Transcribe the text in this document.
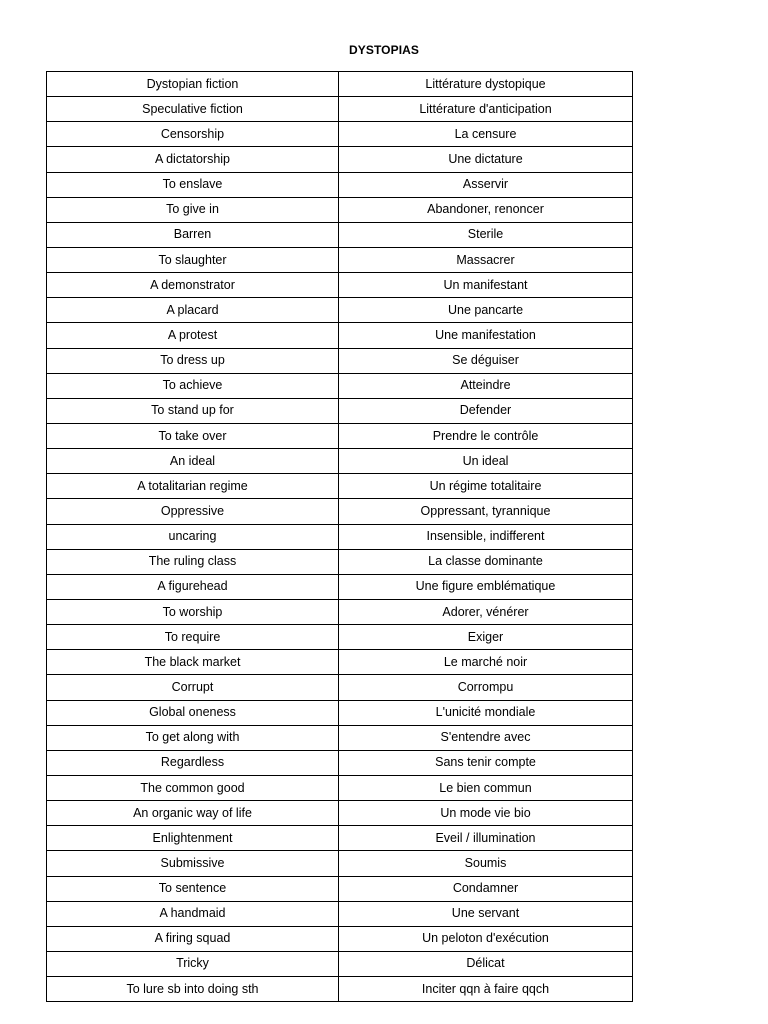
DYSTOPIAS
Dystopian fiction	Littérature dystopique
Speculative fiction	Littérature d'anticipation
Censorship	La censure
A dictatorship	Une dictature
To enslave	Asservir
To give in	Abandoner, renoncer
Barren	Sterile
To slaughter	Massacrer
A demonstrator	Un manifestant
A placard	Une pancarte
A protest	Une manifestation
To dress up	Se déguiser
To achieve	Atteindre
To stand up for	Defender
To take over	Prendre le contrôle
An ideal	Un ideal
A totalitarian regime	Un régime totalitaire
Oppressive	Oppressant, tyrannique
uncaring	Insensible, indifferent
The ruling class	La classe dominante
A figurehead	Une figure emblématique
To worship	Adorer, vénérer
To require	Exiger
The black market	Le marché noir
Corrupt	Corrompu
Global oneness	L'unicité mondiale
To get along with	S'entendre avec
Regardless	Sans tenir compte
The common good	Le bien commun
An organic way of life	Un mode vie bio
Enlightenment	Eveil / illumination
Submissive	Soumis
To sentence	Condamner
A handmaid	Une servant
A firing squad	Un peloton d'exécution
Tricky	Délicat
To lure sb into doing sth	Inciter qqn à faire qqch
